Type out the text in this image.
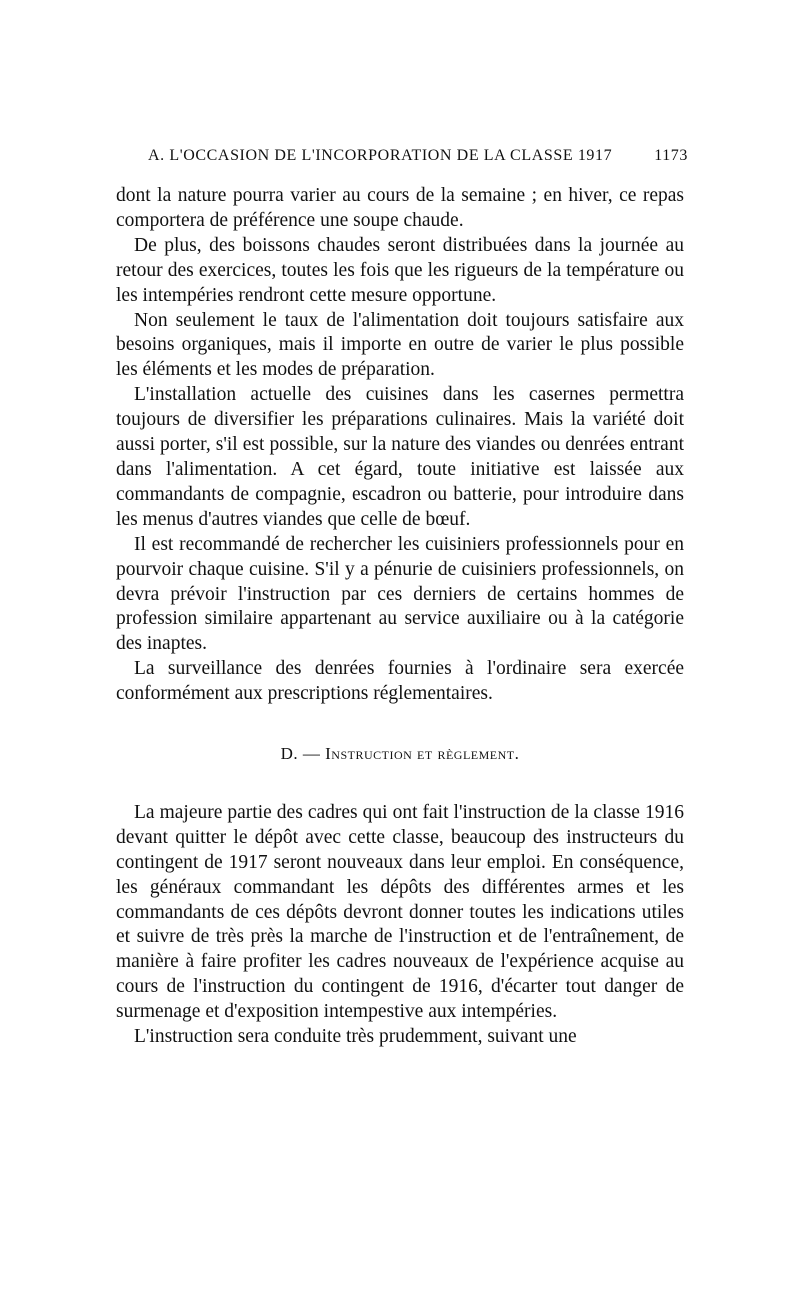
A. L'OCCASION DE L'INCORPORATION DE LA CLASSE 1917	1173

dont la nature pourra varier au cours de la semaine ; en hiver, ce repas comportera de préférence une soupe chaude.

De plus, des boissons chaudes seront distribuées dans la journée au retour des exercices, toutes les fois que les rigueurs de la température ou les intempéries rendront cette mesure opportune.

Non seulement le taux de l'alimentation doit toujours satisfaire aux besoins organiques, mais il importe en outre de varier le plus possible les éléments et les modes de préparation.

L'installation actuelle des cuisines dans les casernes permettra toujours de diversifier les préparations culinaires. Mais la variété doit aussi porter, s'il est possible, sur la nature des viandes ou denrées entrant dans l'alimentation. A cet égard, toute initiative est laissée aux commandants de compagnie, escadron ou batterie, pour introduire dans les menus d'autres viandes que celle de bœuf.

Il est recommandé de rechercher les cuisiniers professionnels pour en pourvoir chaque cuisine. S'il y a pénurie de cuisiniers professionnels, on devra prévoir l'instruction par ces derniers de certains hommes de profession similaire appartenant au service auxiliaire ou à la catégorie des inaptes.

La surveillance des denrées fournies à l'ordinaire sera exercée conformément aux prescriptions réglementaires.

D. — Instruction et règlement.

La majeure partie des cadres qui ont fait l'instruction de la classe 1916 devant quitter le dépôt avec cette classe, beaucoup des instructeurs du contingent de 1917 seront nouveaux dans leur emploi. En conséquence, les généraux commandant les dépôts des différentes armes et les commandants de ces dépôts devront donner toutes les indications utiles et suivre de très près la marche de l'instruction et de l'entraînement, de manière à faire profiter les cadres nouveaux de l'expérience acquise au cours de l'instruction du contingent de 1916, d'écarter tout danger de surmenage et d'exposition intempestive aux intempéries.

L'instruction sera conduite très prudemment, suivant une
